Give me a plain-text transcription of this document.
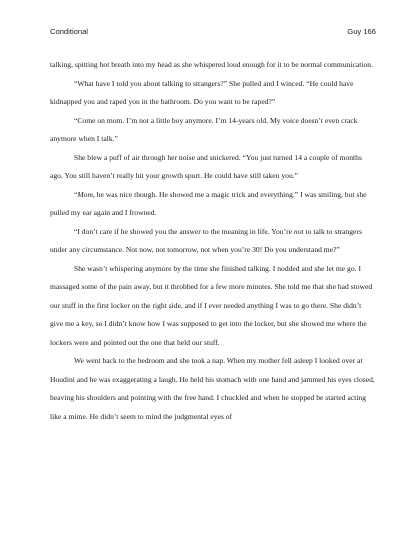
Conditional	Guy 166

talking, spitting hot breath into my head as she whispered loud enough for it to be normal communication.

“What have I told you about talking to strangers?” She pulled and I winced. “He could have kidnapped you and raped you in the bathroom. Do you want to be raped?”

“Come on mom. I’m not a little boy anymore. I’m 14-years old. My voice doesn’t even crack anymore when I talk.”

She blew a puff of air through her noise and snickered. “You just turned 14 a couple of months ago. You still haven’t really hit your growth spurt. He could have still taken you.”

“Mom, he was nice though. He showed me a magic trick and everything.” I was smiling, but she pulled my ear again and I frowned.

“I don’t care if he showed you the answer to the meaning in life. You’re not to talk to strangers under any circumstance. Not now, not tomorrow, not when you’re 30! Do you understand me?”

She wasn’t whispering anymore by the time she finished talking. I nodded and she let me go. I massaged some of the pain away, but it throbbed for a few more minutes. She told me that she had stowed our stuff in the first locker on the right side, and if I ever needed anything I was to go there. She didn’t give me a key, so I didn’t know how I was supposed to get into the locker, but she showed me where the lockers were and pointed out the one that held our stuff.

We went back to the bedroom and she took a nap. When my mother fell asleep I looked over at Houdini and he was exaggerating a laugh. He held his stomach with one hand and jammed his eyes closed, heaving his shoulders and pointing with the free hand. I chuckled and when he stopped be started acting like a mime. He didn’t seem to mind the judgmental eyes of
